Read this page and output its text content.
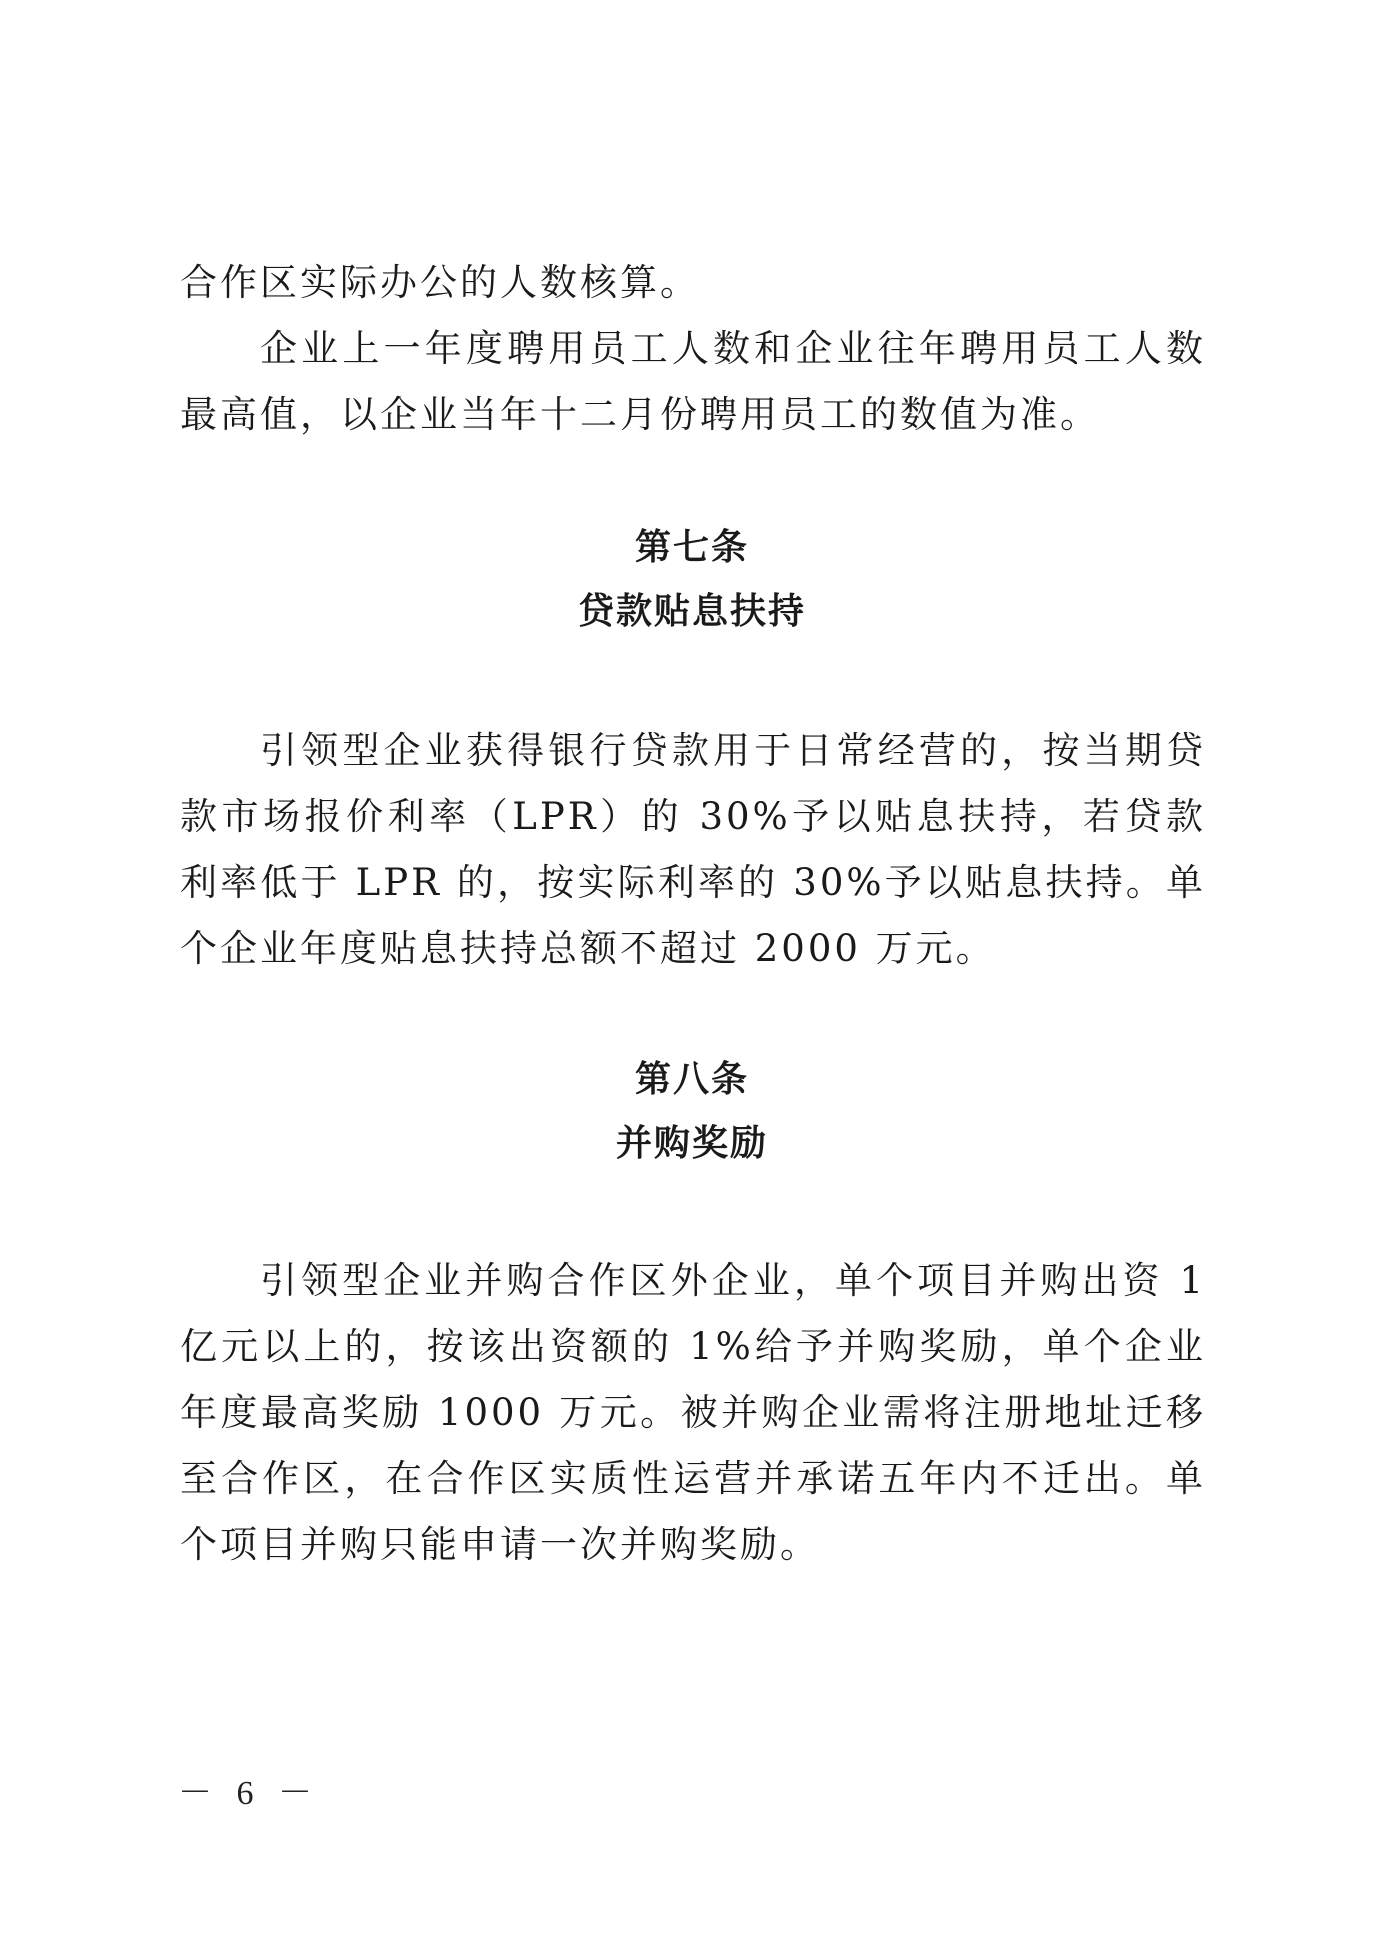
合作区实际办公的人数核算。

企业上一年度聘用员工人数和企业往年聘用员工人数最高值，以企业当年十二月份聘用员工的数值为准。

第七条
贷款贴息扶持

引领型企业获得银行贷款用于日常经营的，按当期贷款市场报价利率（LPR）的 30%予以贴息扶持，若贷款利率低于 LPR 的，按实际利率的 30%予以贴息扶持。单个企业年度贴息扶持总额不超过 2000 万元。

第八条
并购奖励

引领型企业并购合作区外企业，单个项目并购出资 1 亿元以上的，按该出资额的 1%给予并购奖励，单个企业年度最高奖励 1000 万元。被并购企业需将注册地址迁移至合作区，在合作区实质性运营并承诺五年内不迁出。单个项目并购只能申请一次并购奖励。

－ 6 －
